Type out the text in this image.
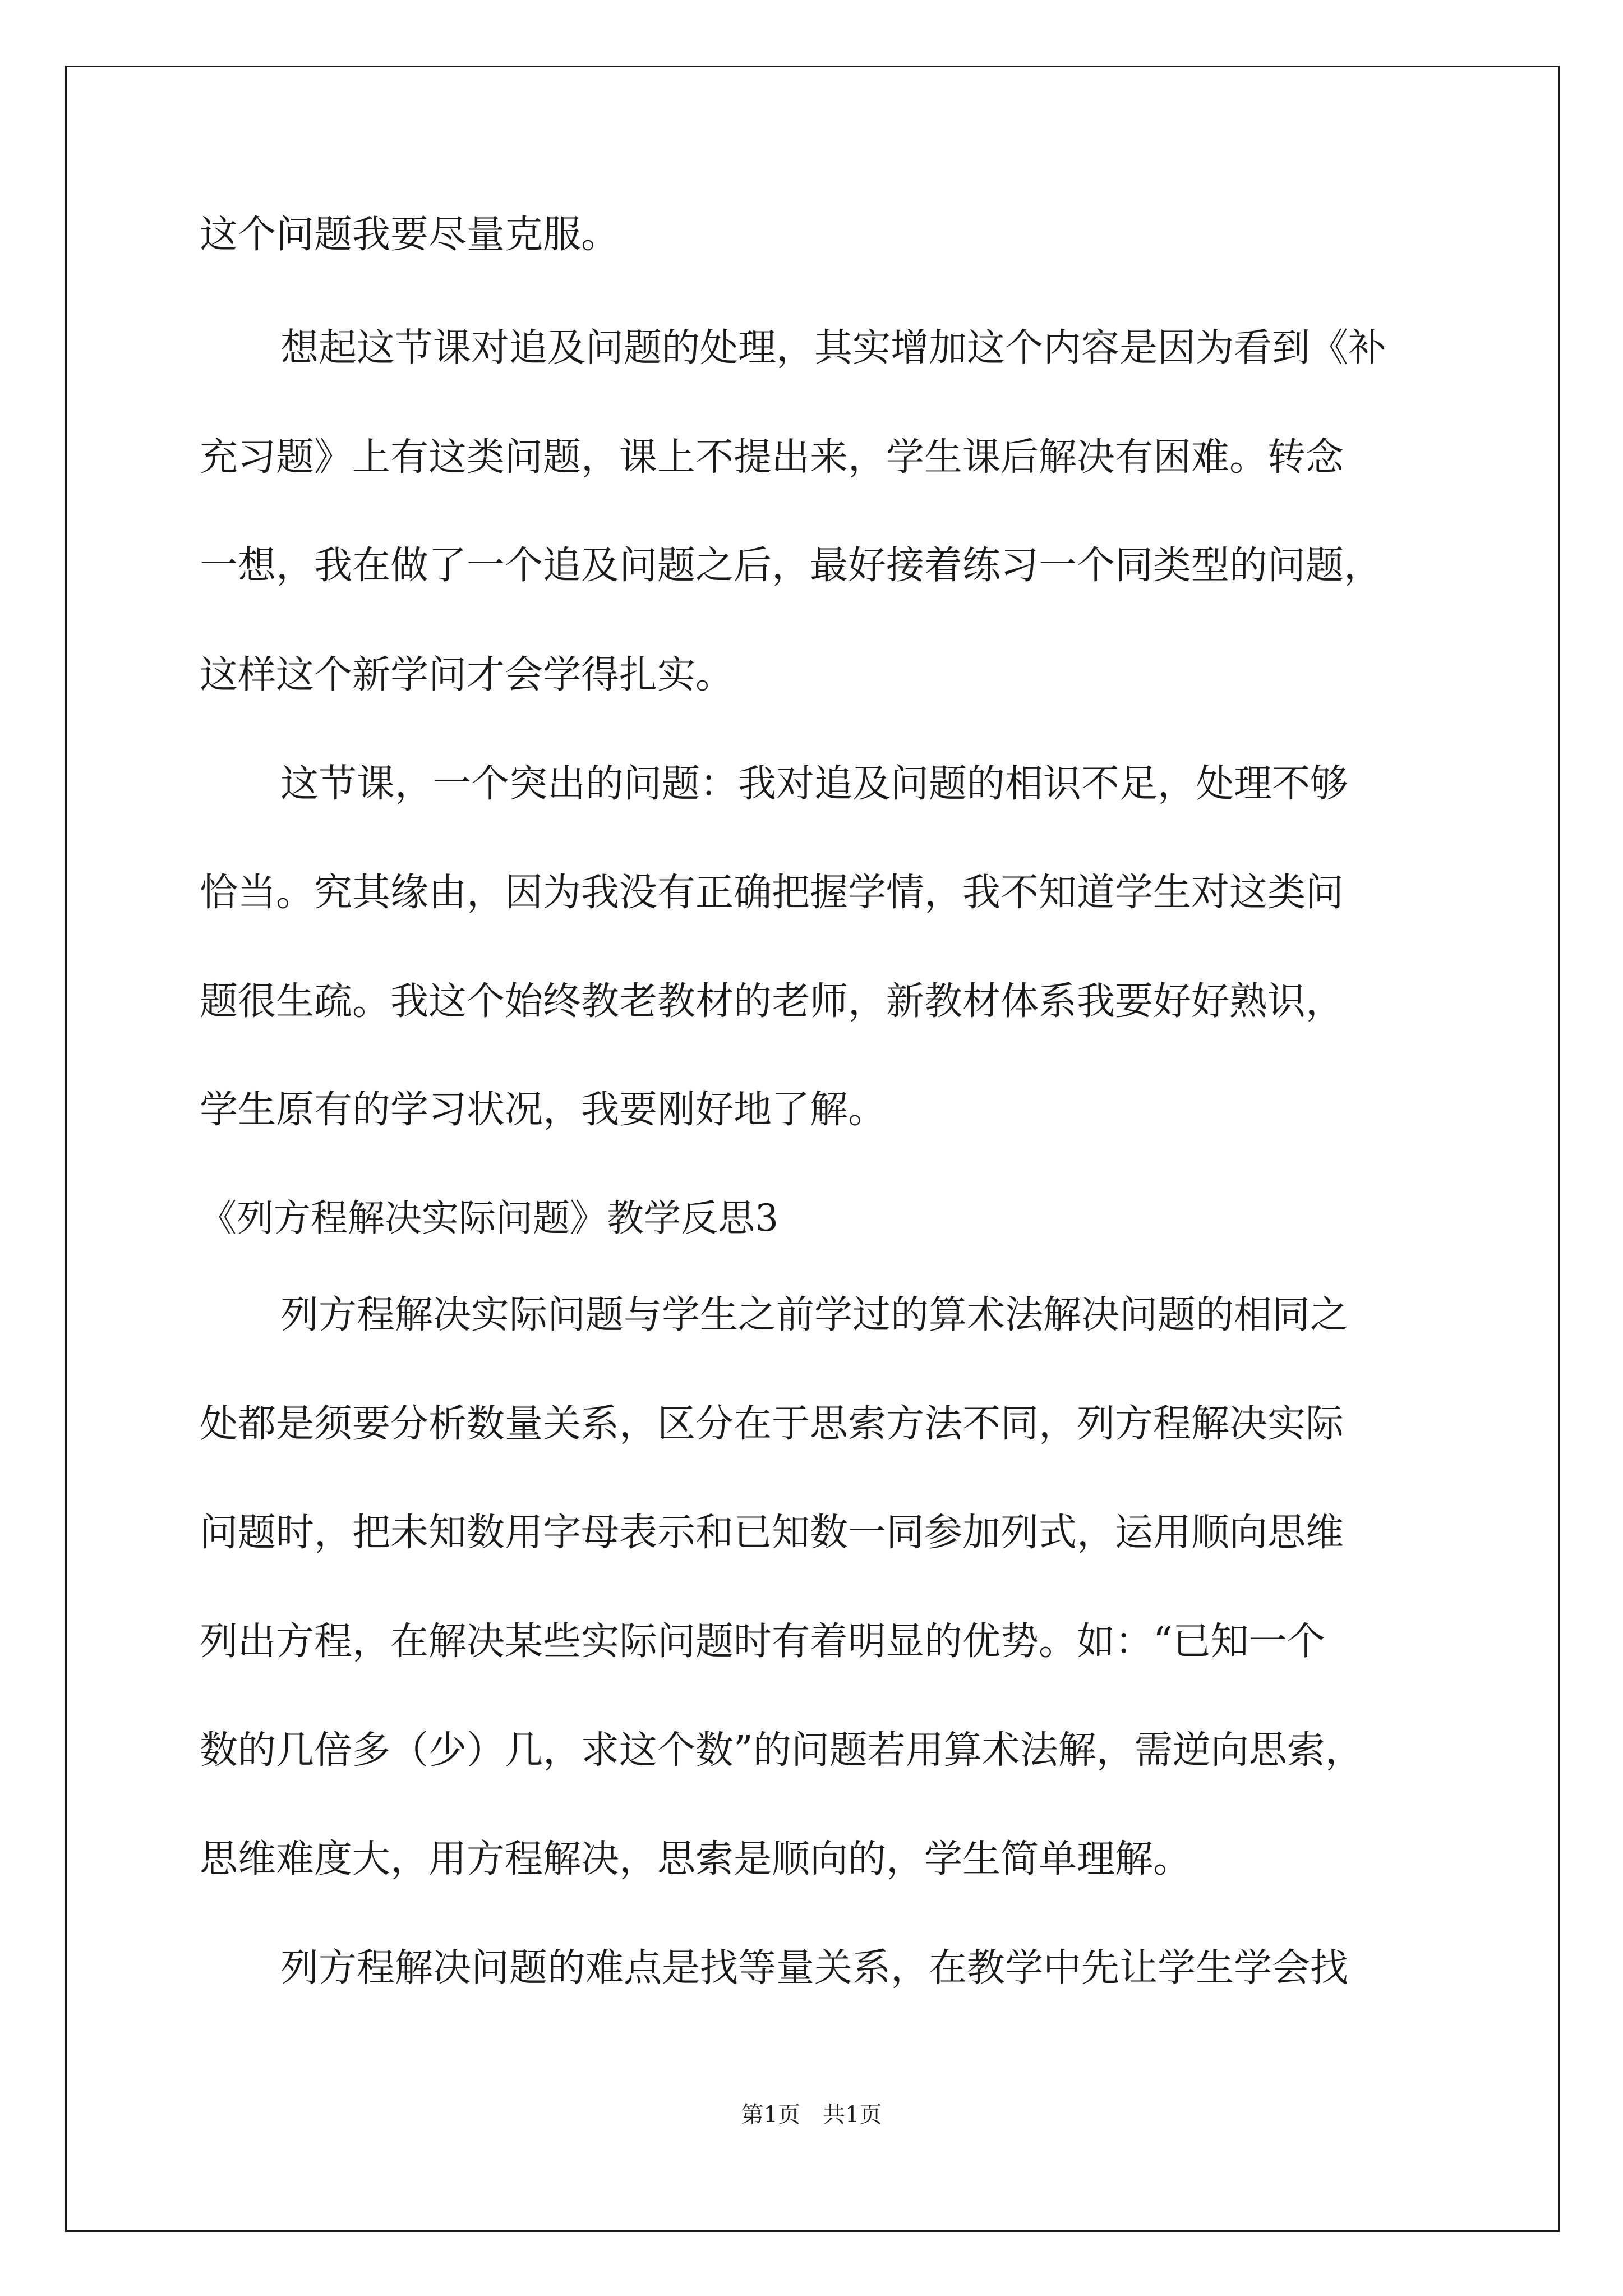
这个问题我要尽量克服。

想起这节课对追及问题的处理，其实增加这个内容是因为看到《补

充习题》上有这类问题，课上不提出来，学生课后解决有困难。转念

一想，我在做了一个追及问题之后，最好接着练习一个同类型的问题，

这样这个新学问才会学得扎实。

这节课，一个突出的问题：我对追及问题的相识不足，处理不够

恰当。究其缘由，因为我没有正确把握学情，我不知道学生对这类问

题很生疏。我这个始终教老教材的老师，新教材体系我要好好熟识，

学生原有的学习状况，我要刚好地了解。

《列方程解决实际问题》教学反思3

列方程解决实际问题与学生之前学过的算术法解决问题的相同之

处都是须要分析数量关系，区分在于思索方法不同，列方程解决实际

问题时，把未知数用字母表示和已知数一同参加列式，运用顺向思维

列出方程，在解决某些实际问题时有着明显的优势。如：“已知一个

数的几倍多（少）几，求这个数”的问题若用算术法解，需逆向思索，

思维难度大，用方程解决，思索是顺向的，学生简单理解。

列方程解决问题的难点是找等量关系，在教学中先让学生学会找

第1页　共1页
